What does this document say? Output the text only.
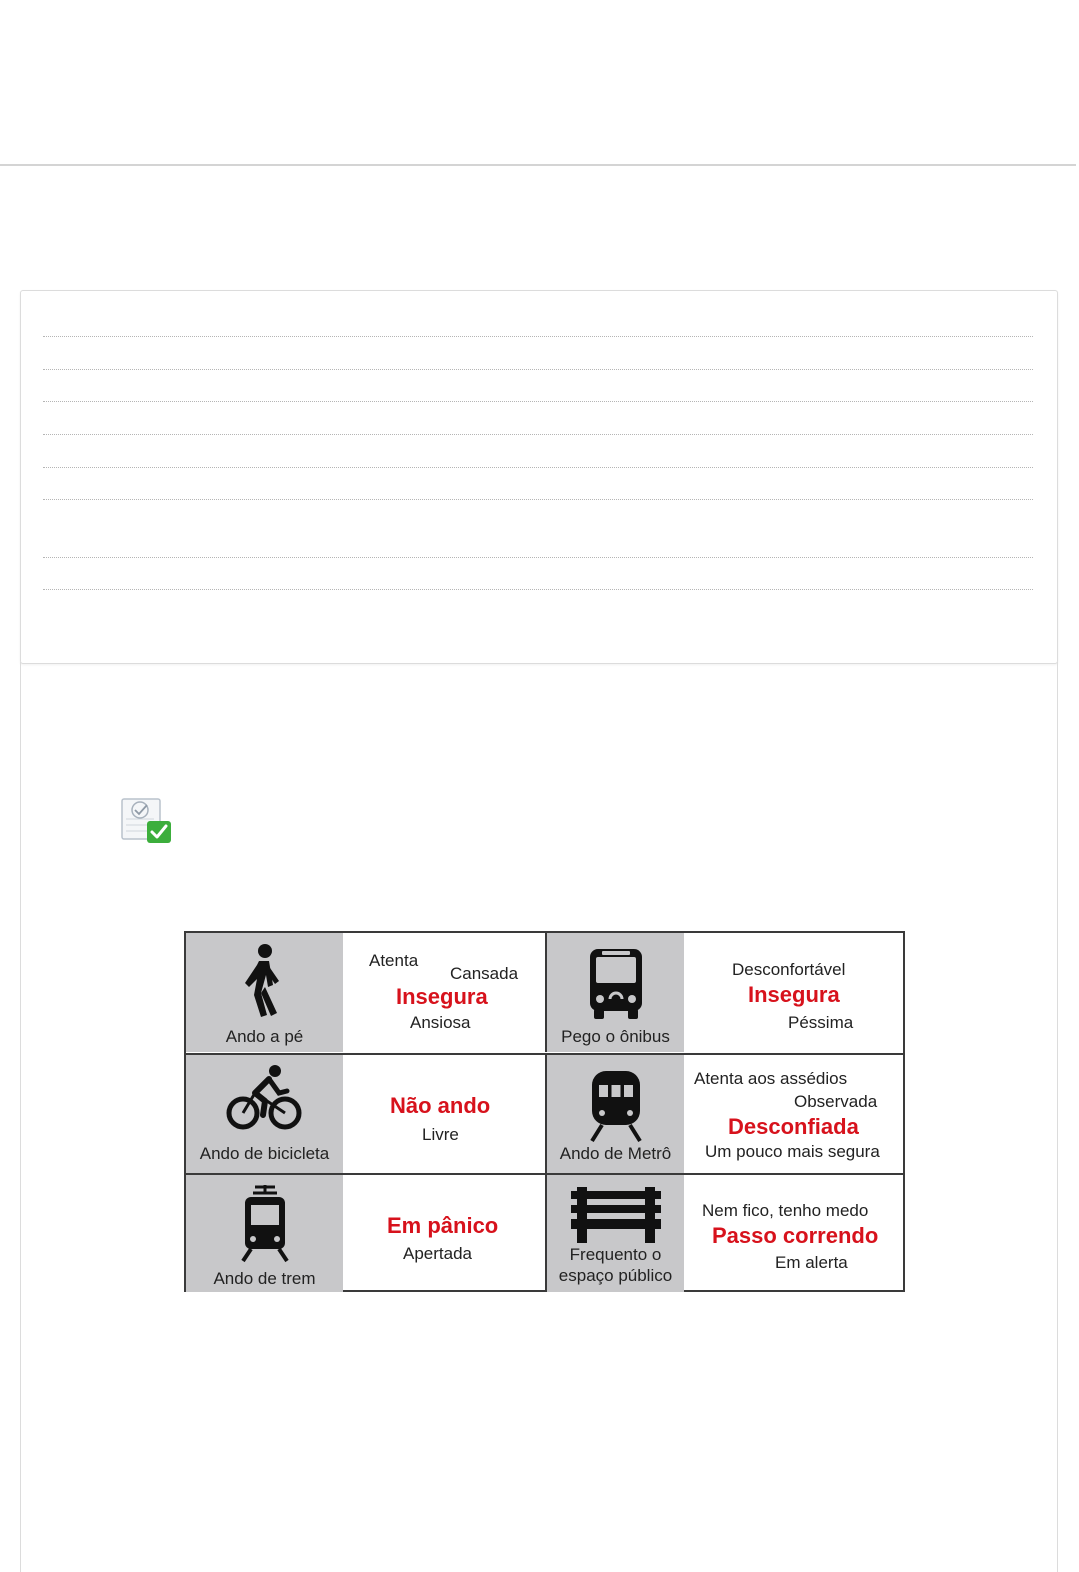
Ando a pé
Atenta
Cansada
Insegura
Ansiosa
Pego o ônibus
Desconfortável
Insegura
Péssima
Ando de bicicleta
Não ando
Livre
Ando de Metrô
Atenta aos assédios
Observada
Desconfiada
Um pouco mais segura
Ando de trem
Em pânico
Apertada	Frequento o
espaço público
Nem fico, tenho medo
Passo correndo
Em alerta
